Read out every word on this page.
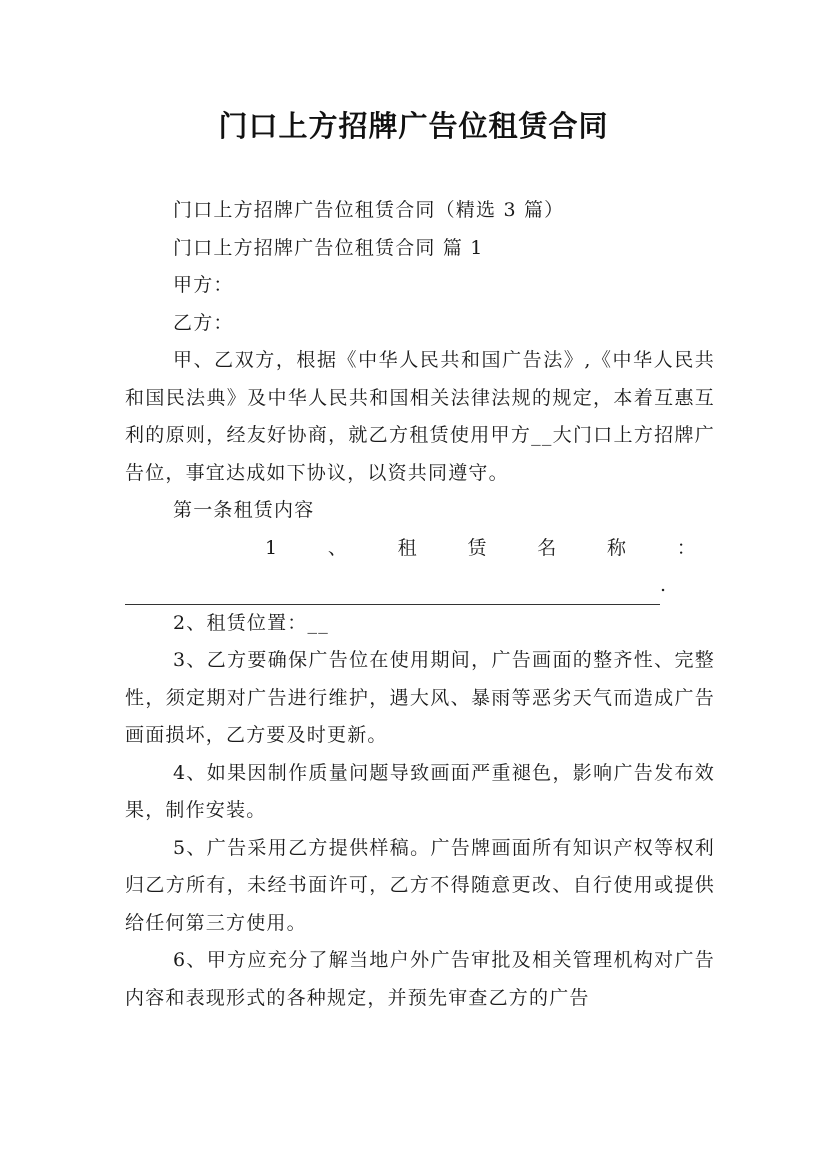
门口上方招牌广告位租赁合同

门口上方招牌广告位租赁合同（精选 3 篇）

门口上方招牌广告位租赁合同 篇 1

甲方：

乙方：

甲、乙双方，根据《中华人民共和国广告法》,《中华人民共和国民法典》及中华人民共和国相关法律法规的规定，本着互惠互利的原则，经友好协商，就乙方租赁使用甲方__大门口上方招牌广告位，事宜达成如下协议，以资共同遵守。

第一条租赁内容

1	、	租	赁	名	称	：
.

2、租赁位置：__

3、乙方要确保广告位在使用期间，广告画面的整齐性、完整性，须定期对广告进行维护，遇大风、暴雨等恶劣天气而造成广告画面损坏，乙方要及时更新。

4、如果因制作质量问题导致画面严重褪色，影响广告发布效果，制作安装。

5、广告采用乙方提供样稿。广告牌画面所有知识产权等权利归乙方所有，未经书面许可，乙方不得随意更改、自行使用或提供给任何第三方使用。

6、甲方应充分了解当地户外广告审批及相关管理机构对广告内容和表现形式的各种规定，并预先审查乙方的广告
